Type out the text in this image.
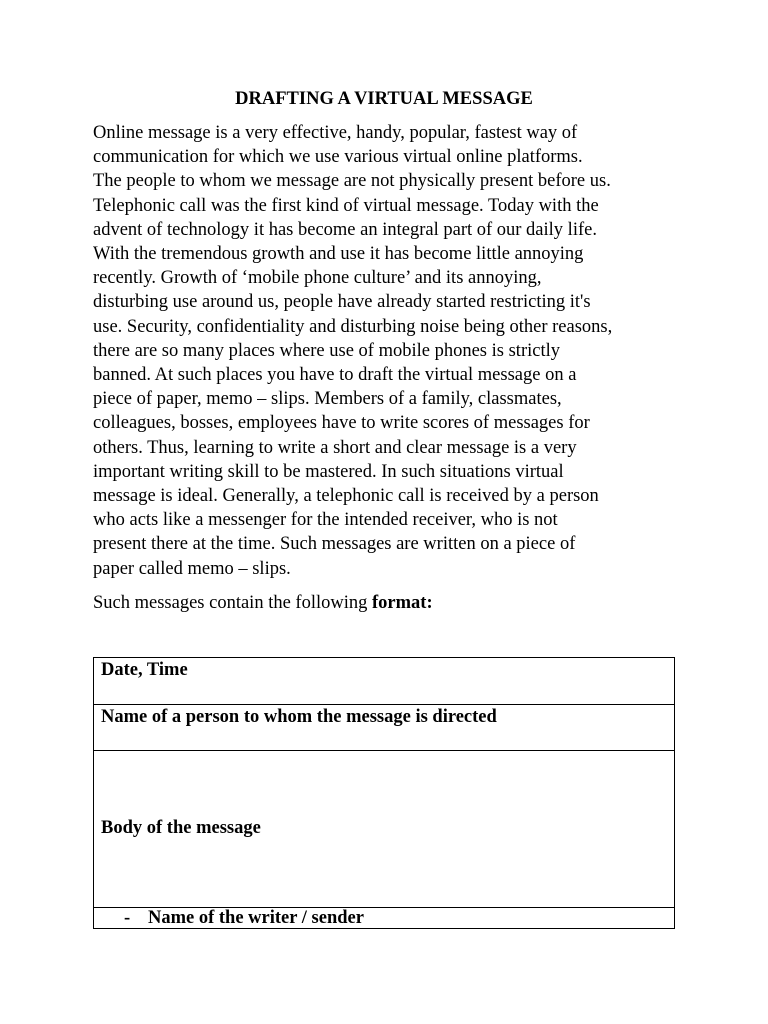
DRAFTING A VIRTUAL MESSAGE
Online message is a very effective, handy, popular, fastest way of
communication for which we use various virtual online platforms.
The people to whom we message are not physically present before us.
Telephonic call was the first kind of virtual message. Today with the
advent of technology it has become an integral part of our daily life.
With the tremendous growth and use it has become little annoying
recently. Growth of ‘mobile phone culture’ and its annoying,
disturbing use around us, people have already started restricting it's
use. Security, confidentiality and disturbing noise being other reasons,
there are so many places where use of mobile phones is strictly
banned. At such places you have to draft the virtual message on a
piece of paper, memo – slips. Members of a family, classmates,
colleagues, bosses, employees have to write scores of messages for
others. Thus, learning to write a short and clear message is a very
important writing skill to be mastered. In such situations virtual
message is ideal. Generally, a telephonic call is received by a person
who acts like a messenger for the intended receiver, who is not
present there at the time. Such messages are written on a piece of
paper called memo – slips.
Such messages contain the following format:
Date, Time
Name of a person to whom the message is directed
Body of the message
- Name of the writer / sender
